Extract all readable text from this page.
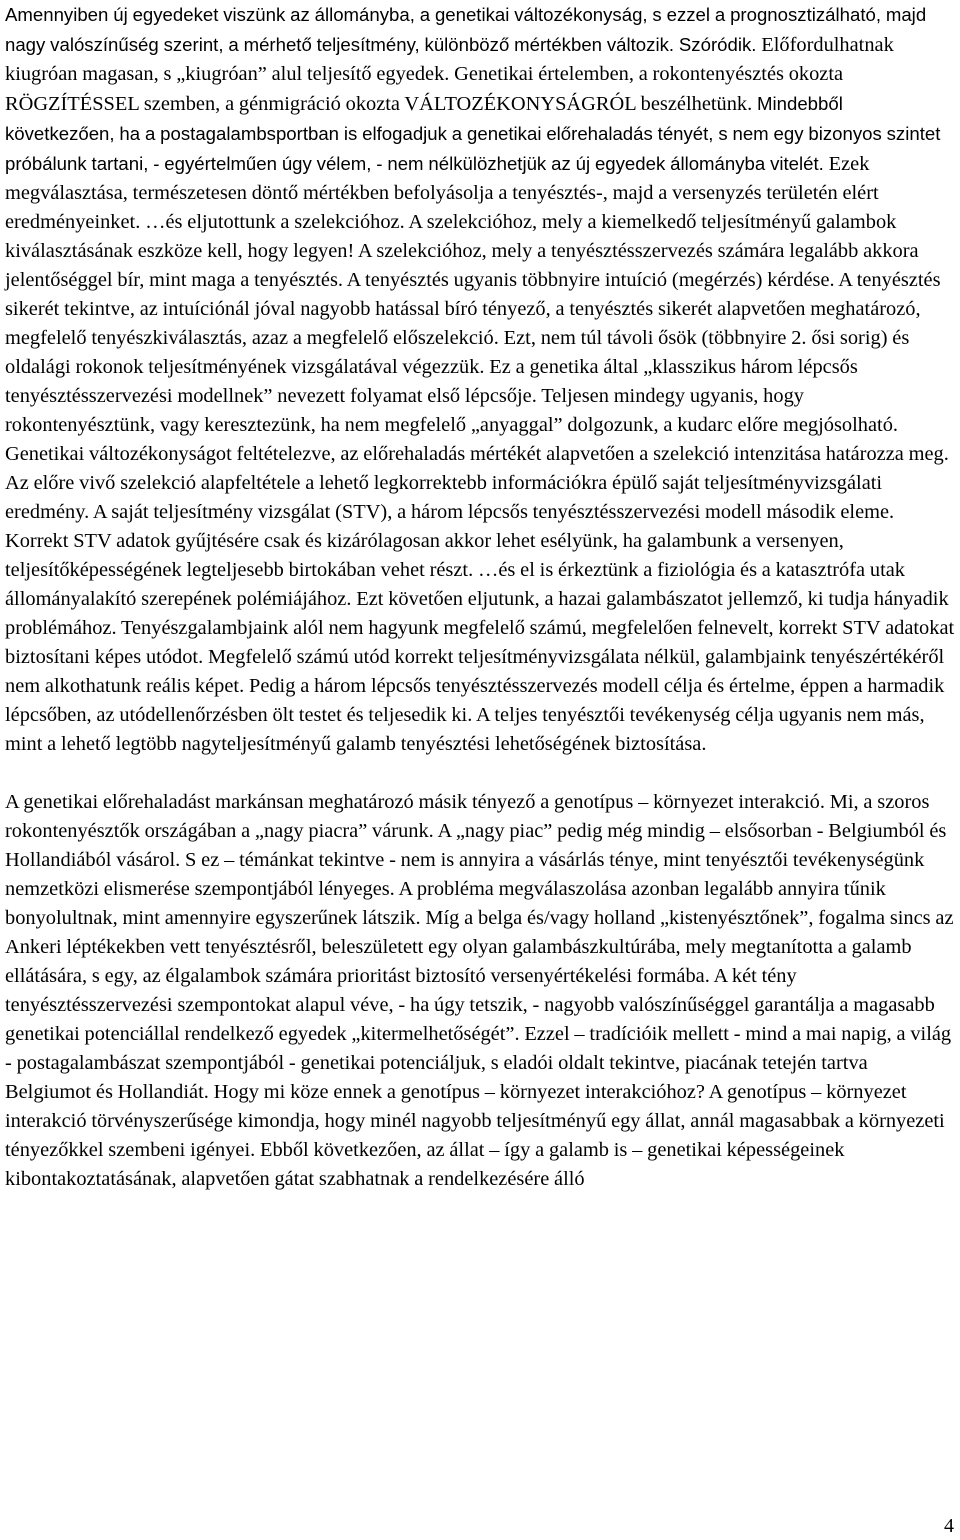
Amennyiben új egyedeket viszünk az állományba, a genetikai változékonyság, s ezzel a prognosztizálható, majd nagy valószínűség szerint, a mérhető teljesítmény, különböző mértékben változik. Szóródik. Előfordulhatnak kiugróan magasan, s „kiugróan” alul teljesítő egyedek. Genetikai értelemben, a rokontenyésztés okozta RÖGZÍTÉSSEL szemben, a génmigráció okozta VÁLTOZÉKONYSÁGRÓL beszélhetünk. Mindebből következően, ha a postagalambsportban is elfogadjuk a genetikai előrehaladás tényét, s nem egy bizonyos szintet próbálunk tartani, - egyértelműen úgy vélem, - nem nélkülözhetjük az új egyedek állományba vitelét. Ezek megválasztása, természetesen döntő mértékben befolyásolja a tenyésztés-, majd a versenyzés területén elért eredményeinket. …és eljutottunk a szelekcióhoz. A szelekcióhoz, mely a kiemelkedő teljesítményű galambok kiválasztásának eszköze kell, hogy legyen! A szelekcióhoz, mely a tenyésztésszervezés számára legalább akkora jelentőséggel bír, mint maga a tenyésztés. A tenyésztés ugyanis többnyire intuíció (megérzés) kérdése. A tenyésztés sikerét tekintve, az intuíciónál jóval nagyobb hatással bíró tényező, a tenyésztés sikerét alapvetően meghatározó, megfelelő tenyészkiválasztás, azaz a megfelelő előszelekció. Ezt, nem túl távoli ősök (többnyire 2. ősi sorig) és oldalági rokonok teljesítményének vizsgálatával végezzük. Ez a genetika által „klasszikus három lépcsős tenyésztésszervezési modellnek” nevezett folyamat első lépcsője. Teljesen mindegy ugyanis, hogy rokontenyésztünk, vagy keresztezünk, ha nem megfelelő „anyaggal” dolgozunk, a kudarc előre megjósolható. Genetikai változékonyságot feltételezve, az előrehaladás mértékét alapvetően a szelekció intenzitása határozza meg. Az előre vivő szelekció alapfeltétele a lehető legkorrektebb információkra épülő saját teljesítményvizsgálati eredmény. A saját teljesítmény vizsgálat (STV), a három lépcsős tenyésztésszervezési modell második eleme. Korrekt STV adatok gyűjtésére csak és kizárólagosan akkor lehet esélyünk, ha galambunk a versenyen, teljesítőképességének legteljesebb birtokában vehet részt. …és el is érkeztünk a fiziológia és a katasztrófa utak állományalakító szerepének polémiájához. Ezt követően eljutunk, a hazai galambászatot jellemző, ki tudja hányadik problémához. Tenyészgalambjaink alól nem hagyunk megfelelő számú, megfelelően felnevelt, korrekt STV adatokat biztosítani képes utódot. Megfelelő számú utód korrekt teljesítményvizsgálata nélkül, galambjaink tenyészértékéről nem alkothatunk reális képet. Pedig a három lépcsős tenyésztésszervezés modell célja és értelme, éppen a harmadik lépcsőben, az utódellenőrzésben ölt testet és teljesedik ki. A teljes tenyésztői tevékenység célja ugyanis nem más, mint a lehető legtöbb nagyteljesítményű galamb tenyésztési lehetőségének biztosítása.

A genetikai előrehaladást markánsan meghatározó másik tényező a genotípus – környezet interakció. Mi, a szoros rokontenyésztők országában a „nagy piacra” várunk. A „nagy piac” pedig még mindig – elsősorban - Belgiumból és Hollandiából vásárol. S ez – témánkat tekintve - nem is annyira a vásárlás ténye, mint tenyésztői tevékenységünk nemzetközi elismerése szempontjából lényeges. A probléma megválaszolása azonban legalább annyira tűnik bonyolultnak, mint amennyire egyszerűnek látszik. Míg a belga és/vagy holland „kistenyésztőnek”, fogalma sincs az Ankeri léptékekben vett tenyésztésről, beleszületett egy olyan galambászkultúrába, mely megtanította a galamb ellátására, s egy, az élgalambok számára prioritást biztosító versenyértékelési formába. A két tény tenyésztésszervezési szempontokat alapul véve, - ha úgy tetszik, - nagyobb valószínűséggel garantálja a magasabb genetikai potenciállal rendelkező egyedek „kitermelhetőségét”. Ezzel – tradícióik mellett - mind a mai napig, a világ - postagalambászat szempontjából - genetikai potenciáljuk, s eladói oldalt tekintve, piacának tetején tartva Belgiumot és Hollandiát. Hogy mi köze ennek a genotípus – környezet interakcióhoz? A genotípus – környezet interakció törvényszerűsége kimondja, hogy minél nagyobb teljesítményű egy állat, annál magasabbak a környezeti tényezőkkel szembeni igényei. Ebből következően, az állat – így a galamb is – genetikai képességeinek kibontakoztatásának, alapvetően gátat szabhatnak a rendelkezésére álló

4
